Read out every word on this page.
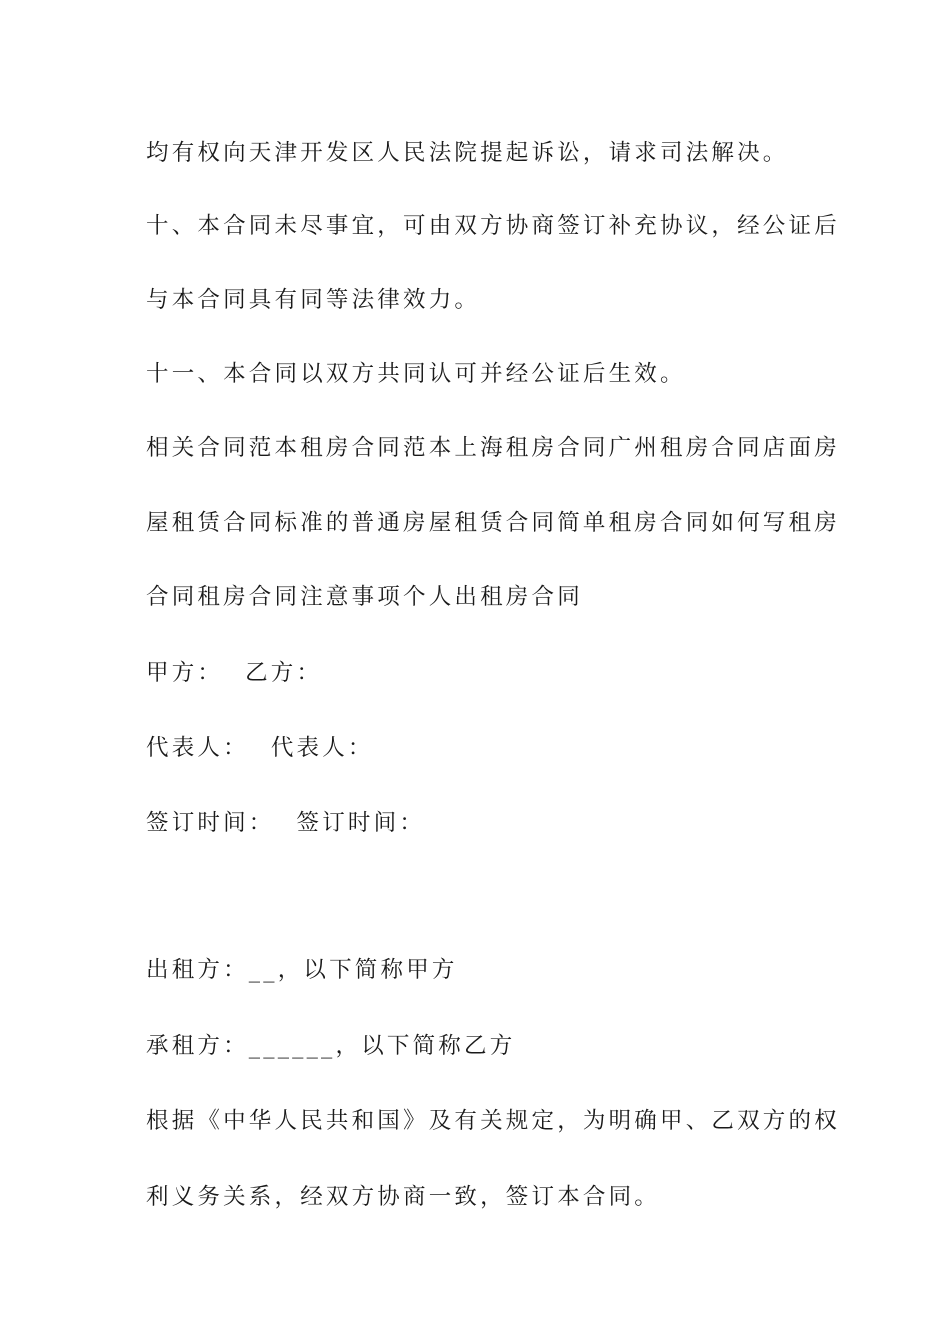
均有权向天津开发区人民法院提起诉讼，请求司法解决。
十、本合同未尽事宜，可由双方协商签订补充协议，经公证后
与本合同具有同等法律效力。
十一、本合同以双方共同认可并经公证后生效。
相关合同范本租房合同范本上海租房合同广州租房合同店面房
屋租赁合同标准的普通房屋租赁合同简单租房合同如何写租房
合同租房合同注意事项个人出租房合同
甲方： 乙方：
代表人： 代表人：
签订时间： 签订时间：
出租方：__，以下简称甲方
承租方：______，以下简称乙方
根据《中华人民共和国》及有关规定，为明确甲、乙双方的权
利义务关系，经双方协商一致，签订本合同。
